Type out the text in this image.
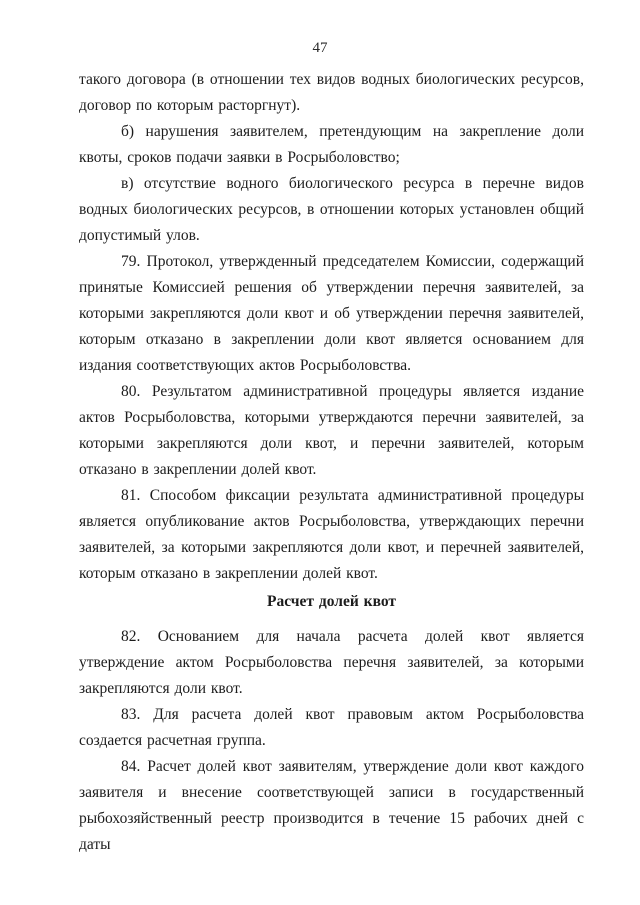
47

такого договора (в отношении тех видов водных биологических ресурсов, договор по которым расторгнут).

б) нарушения заявителем, претендующим на закрепление доли квоты, сроков подачи заявки в Росрыболовство;

в) отсутствие водного биологического ресурса в перечне видов водных биологических ресурсов, в отношении которых установлен общий допустимый улов.

79. Протокол, утвержденный председателем Комиссии, содержащий принятые Комиссией решения об утверждении перечня заявителей, за которыми закрепляются доли квот и об утверждении перечня заявителей, которым отказано в закреплении доли квот является основанием для издания соответствующих актов Росрыболовства.

80. Результатом административной процедуры является издание актов Росрыболовства, которыми утверждаются перечни заявителей, за которыми закрепляются доли квот, и перечни заявителей, которым отказано в закреплении долей квот.

81. Способом фиксации результата административной процедуры является опубликование актов Росрыболовства, утверждающих перечни заявителей, за которыми закрепляются доли квот, и перечней заявителей, которым отказано в закреплении долей квот.

Расчет долей квот

82. Основанием для начала расчета долей квот является утверждение актом Росрыболовства перечня заявителей, за которыми закрепляются доли квот.

83. Для расчета долей квот правовым актом Росрыболовства создается расчетная группа.

84. Расчет долей квот заявителям, утверждение доли квот каждого заявителя и внесение соответствующей записи в государственный рыбохозяйственный реестр производится в течение 15 рабочих дней с даты
